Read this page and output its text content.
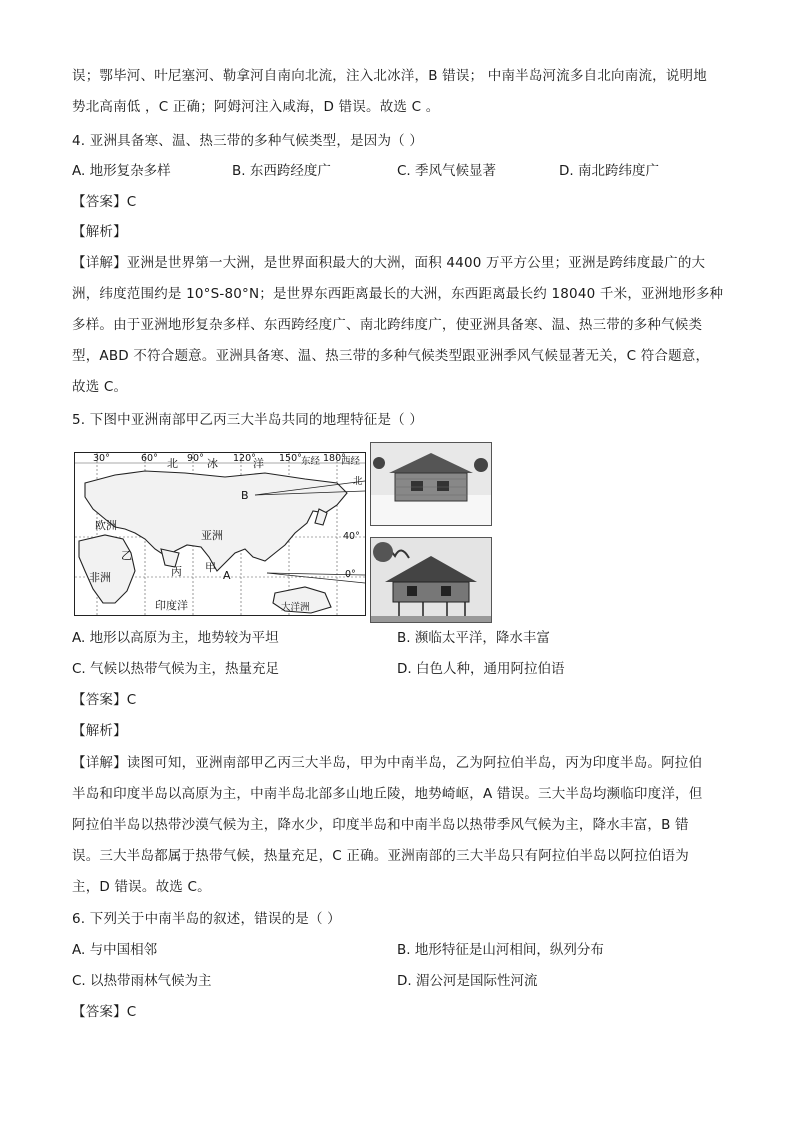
误；鄂毕河、叶尼塞河、勒拿河自南向北流，注入北冰洋，B 错误； 中南半岛河流多自北向南流，说明地
势北高南低 ，C 正确；阿姆河注入咸海，D 错误。故选 C 。
4. 亚洲具备寒、温、热三带的多种气候类型，是因为（ ）
A. 地形复杂多样	B. 东西跨经度广	C. 季风气候显著	D. 南北跨纬度广
【答案】C
【解析】
【详解】亚洲是世界第一大洲，是世界面积最大的大洲，面积 4400 万平方公里；亚洲是跨纬度最广的大
洲，纬度范围约是 10°S-80°N；是世界东西距离最长的大洲，东西距离最长约 18040 千米，亚洲地形多种
多样。由于亚洲地形复杂多样、东西跨经度广、南北跨纬度广，使亚洲具备寒、温、热三带的多种气候类
型，ABD 不符合题意。亚洲具备寒、温、热三带的多种气候类型跟亚洲季风气候显著无关，C 符合题意，
故选 C。
5. 下图中亚洲南部甲乙丙三大半岛共同的地理特征是（ ）
30°	60° 北	冰
90°	120°
洋 150° 东经 180°
西经
B
欧洲
亚洲
乙
非洲	丙 甲
A
印度洋	大洋洲
40°
0°
北
A. 地形以高原为主，地势较为平坦	B. 濒临太平洋，降水丰富
C. 气候以热带气候为主，热量充足	D. 白色人种，通用阿拉伯语
【答案】C
【解析】
【详解】读图可知，亚洲南部甲乙丙三大半岛，甲为中南半岛，乙为阿拉伯半岛，丙为印度半岛。阿拉伯
半岛和印度半岛以高原为主，中南半岛北部多山地丘陵，地势崎岖，A 错误。三大半岛均濒临印度洋，但
阿拉伯半岛以热带沙漠气候为主，降水少，印度半岛和中南半岛以热带季风气候为主，降水丰富，B 错
误。三大半岛都属于热带气候，热量充足，C 正确。亚洲南部的三大半岛只有阿拉伯半岛以阿拉伯语为
主，D 错误。故选 C。
6. 下列关于中南半岛的叙述，错误的是（ ）
A. 与中国相邻	B. 地形特征是山河相间，纵列分布
C. 以热带雨林气候为主	D. 湄公河是国际性河流
【答案】C
